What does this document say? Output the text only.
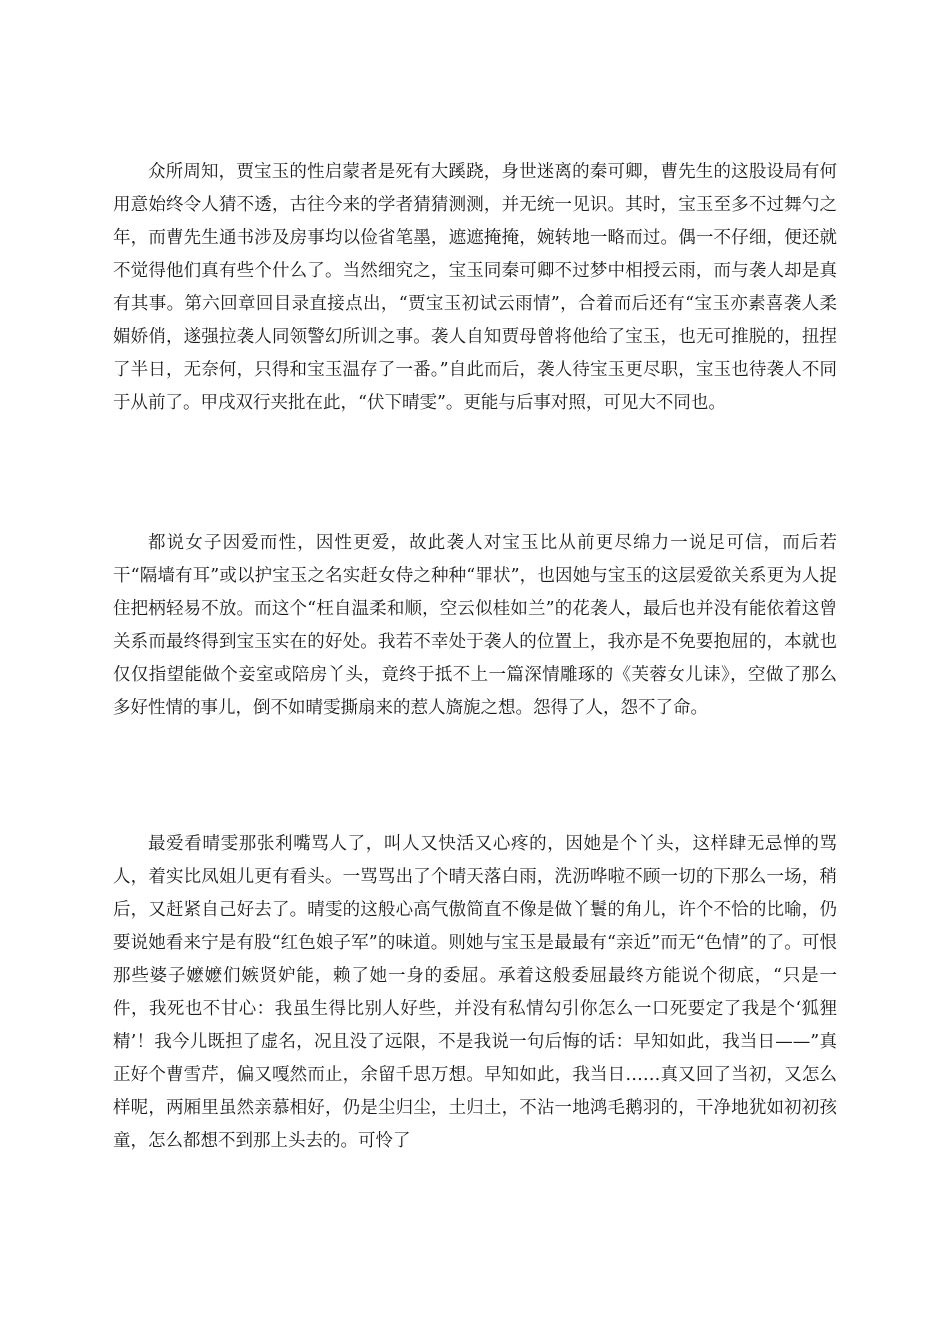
众所周知，贾宝玉的性启蒙者是死有大蹊跷，身世迷离的秦可卿，曹先生的这股设局有何用意始终令人猜不透，古往今来的学者猜猜测测，并无统一见识。其时，宝玉至多不过舞勺之年，而曹先生通书涉及房事均以俭省笔墨，遮遮掩掩，婉转地一略而过。偶一不仔细，便还就不觉得他们真有些个什么了。当然细究之，宝玉同秦可卿不过梦中相授云雨，而与袭人却是真有其事。第六回章回目录直接点出，“贾宝玉初试云雨情”，合着而后还有“宝玉亦素喜袭人柔媚娇俏，遂强拉袭人同领警幻所训之事。袭人自知贾母曾将他给了宝玉，也无可推脱的，扭捏了半日，无奈何，只得和宝玉温存了一番。”自此而后，袭人待宝玉更尽职，宝玉也待袭人不同于从前了。甲戌双行夹批在此，“伏下晴雯”。更能与后事对照，可见大不同也。

都说女子因爱而性，因性更爱，故此袭人对宝玉比从前更尽绵力一说足可信，而后若干“隔墙有耳”或以护宝玉之名实赶女侍之种种“罪状”，也因她与宝玉的这层爱欲关系更为人捉住把柄轻易不放。而这个“枉自温柔和顺，空云似桂如兰”的花袭人，最后也并没有能依着这曾关系而最终得到宝玉实在的好处。我若不幸处于袭人的位置上，我亦是不免要抱屈的，本就也仅仅指望能做个妾室或陪房丫头，竟终于抵不上一篇深情雕琢的《芙蓉女儿诔》，空做了那么多好性情的事儿，倒不如晴雯撕扇来的惹人旖旎之想。怨得了人，怨不了命。

最爱看晴雯那张利嘴骂人了，叫人又快活又心疼的，因她是个丫头，这样肆无忌惮的骂人，着实比凤姐儿更有看头。一骂骂出了个晴天落白雨，洗沥哗啦不顾一切的下那么一场，稍后，又赶紧自己好去了。晴雯的这般心高气傲简直不像是做丫鬟的角儿，许个不恰的比喻，仍要说她看来宁是有股“红色娘子军”的味道。则她与宝玉是最最有“亲近”而无“色情”的了。可恨那些婆子嬷嬷们嫉贤妒能，赖了她一身的委屈。承着这般委屈最终方能说个彻底，“只是一件，我死也不甘心：我虽生得比别人好些，并没有私情勾引你怎么一口死要定了我是个‘狐狸精’！我今儿既担了虚名，况且没了远限，不是我说一句后悔的话：早知如此，我当日——”真正好个曹雪芹，偏又嘎然而止，余留千思万想。早知如此，我当日……真又回了当初，又怎么样呢，两厢里虽然亲慕相好，仍是尘归尘，土归土，不沾一地鸿毛鹅羽的，干净地犹如初初孩童，怎么都想不到那上头去的。可怜了
